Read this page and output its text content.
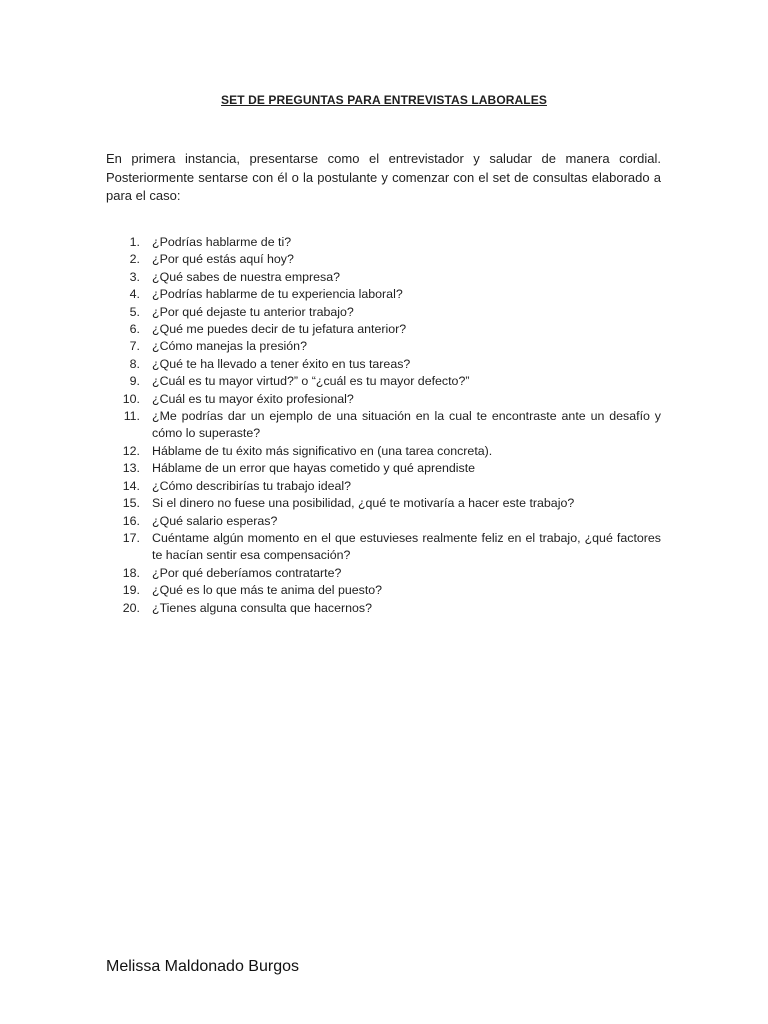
SET DE PREGUNTAS PARA ENTREVISTAS LABORALES
En primera instancia, presentarse como el entrevistador y saludar de manera cordial. Posteriormente sentarse con él o la postulante y comenzar con el set de consultas elaborado a para el caso:
1. ¿Podrías hablarme de ti?
2. ¿Por qué estás aquí hoy?
3. ¿Qué sabes de nuestra empresa?
4. ¿Podrías hablarme de tu experiencia laboral?
5. ¿Por qué dejaste tu anterior trabajo?
6. ¿Qué me puedes decir de tu jefatura anterior?
7. ¿Cómo manejas la presión?
8. ¿Qué te ha llevado a tener éxito en tus tareas?
9. ¿Cuál es tu mayor virtud?” o “¿cuál es tu mayor defecto?”
10. ¿Cuál es tu mayor éxito profesional?
11. ¿Me podrías dar un ejemplo de una situación en la cual te encontraste ante un desafío y cómo lo superaste?
12. Háblame de tu éxito más significativo en (una tarea concreta).
13. Háblame de un error que hayas cometido y qué aprendiste
14. ¿Cómo describirías tu trabajo ideal?
15. Si el dinero no fuese una posibilidad, ¿qué te motivaría a hacer este trabajo?
16. ¿Qué salario esperas?
17. Cuéntame algún momento en el que estuvieses realmente feliz en el trabajo, ¿qué factores te hacían sentir esa compensación?
18. ¿Por qué deberíamos contratarte?
19. ¿Qué es lo que más te anima del puesto?
20. ¿Tienes alguna consulta que hacernos?
Melissa Maldonado Burgos
